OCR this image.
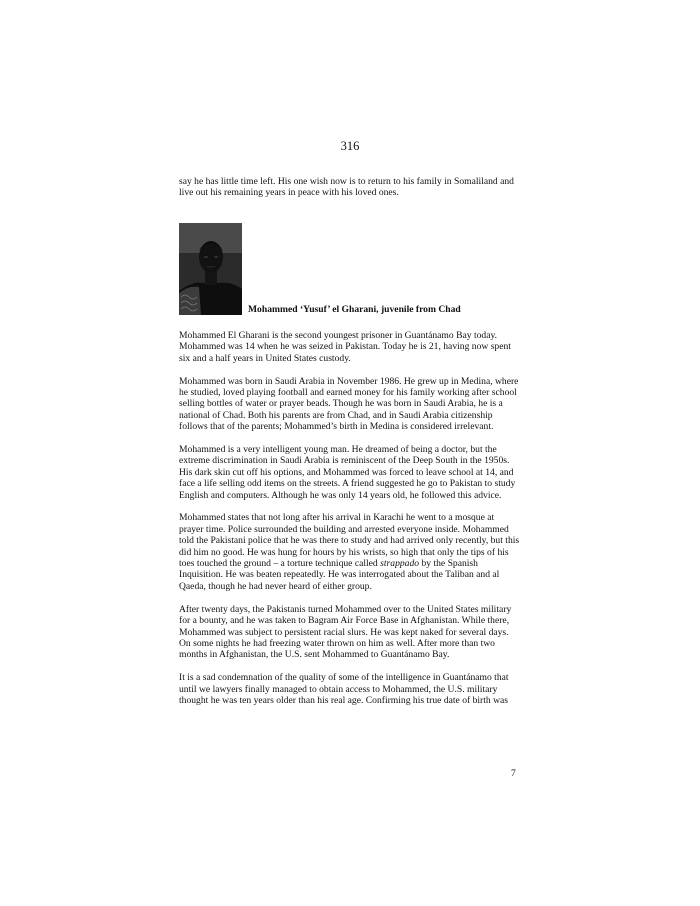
316

say he has little time left. His one wish now is to return to his family in Somaliland and live out his remaining years in peace with his loved ones.

Mohammed ‘Yusuf’ el Gharani, juvenile from Chad

Mohammed El Gharani is the second youngest prisoner in Guantánamo Bay today. Mohammed was 14 when he was seized in Pakistan. Today he is 21, having now spent six and a half years in United States custody.

Mohammed was born in Saudi Arabia in November 1986. He grew up in Medina, where he studied, loved playing football and earned money for his family working after school selling bottles of water or prayer beads. Though he was born in Saudi Arabia, he is a national of Chad. Both his parents are from Chad, and in Saudi Arabia citizenship follows that of the parents; Mohammed’s birth in Medina is considered irrelevant.

Mohammed is a very intelligent young man. He dreamed of being a doctor, but the extreme discrimination in Saudi Arabia is reminiscent of the Deep South in the 1950s. His dark skin cut off his options, and Mohammed was forced to leave school at 14, and face a life selling odd items on the streets. A friend suggested he go to Pakistan to study English and computers. Although he was only 14 years old, he followed this advice.

Mohammed states that not long after his arrival in Karachi he went to a mosque at prayer time. Police surrounded the building and arrested everyone inside. Mohammed told the Pakistani police that he was there to study and had arrived only recently, but this did him no good. He was hung for hours by his wrists, so high that only the tips of his toes touched the ground – a torture technique called strappado by the Spanish Inquisition. He was beaten repeatedly. He was interrogated about the Taliban and al Qaeda, though he had never heard of either group.

After twenty days, the Pakistanis turned Mohammed over to the United States military for a bounty, and he was taken to Bagram Air Force Base in Afghanistan. While there, Mohammed was subject to persistent racial slurs. He was kept naked for several days. On some nights he had freezing water thrown on him as well. After more than two months in Afghanistan, the U.S. sent Mohammed to Guantánamo Bay.

It is a sad condemnation of the quality of some of the intelligence in Guantánamo that until we lawyers finally managed to obtain access to Mohammed, the U.S. military thought he was ten years older than his real age. Confirming his true date of birth was

7
